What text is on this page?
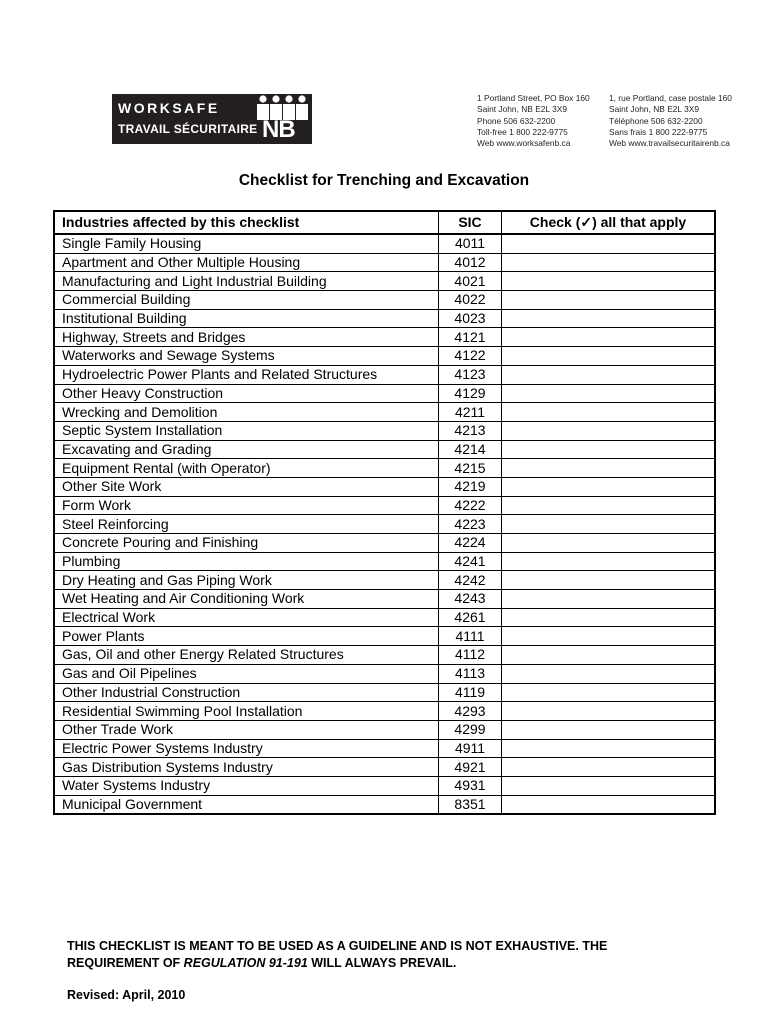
WORKSAFE
TRAVAIL SÉCURITAIRE NB
1 Portland Street, PO Box 160
Saint John, NB E2L 3X9
Phone 506 632-2200
Toll-free 1 800 222-9775
Web www.worksafenb.ca
1, rue Portland, case postale 160
Saint John, NB E2L 3X9
Téléphone 506 632-2200
Sans frais 1 800 222-9775
Web www.travailsecuritairenb.ca
Checklist for Trenching and Excavation
Industries affected by this checklist	SIC	Check (✓) all that apply
Single Family Housing	4011	
Apartment and Other Multiple Housing	4012	
Manufacturing and Light Industrial Building	4021	
Commercial Building	4022	
Institutional Building	4023	
Highway, Streets and Bridges	4121	
Waterworks and Sewage Systems	4122	
Hydroelectric Power Plants and Related Structures	4123	
Other Heavy Construction	4129	
Wrecking and Demolition	4211	
Septic System Installation	4213	
Excavating and Grading	4214	
Equipment Rental (with Operator)	4215	
Other Site Work	4219	
Form Work	4222	
Steel Reinforcing	4223	
Concrete Pouring and Finishing	4224	
Plumbing	4241	
Dry Heating and Gas Piping Work	4242	
Wet Heating and Air Conditioning Work	4243	
Electrical Work	4261	
Power Plants	4111	
Gas, Oil and other Energy Related Structures	4112	
Gas and Oil Pipelines	4113	
Other Industrial Construction	4119	
Residential Swimming Pool Installation	4293	
Other Trade Work	4299	
Electric Power Systems Industry	4911	
Gas Distribution Systems Industry	4921	
Water Systems Industry	4931	
Municipal Government	8351	
THIS CHECKLIST IS MEANT TO BE USED AS A GUIDELINE AND IS NOT EXHAUSTIVE. THE
REQUIREMENT OF REGULATION 91-191 WILL ALWAYS PREVAIL.
Revised: April, 2010
